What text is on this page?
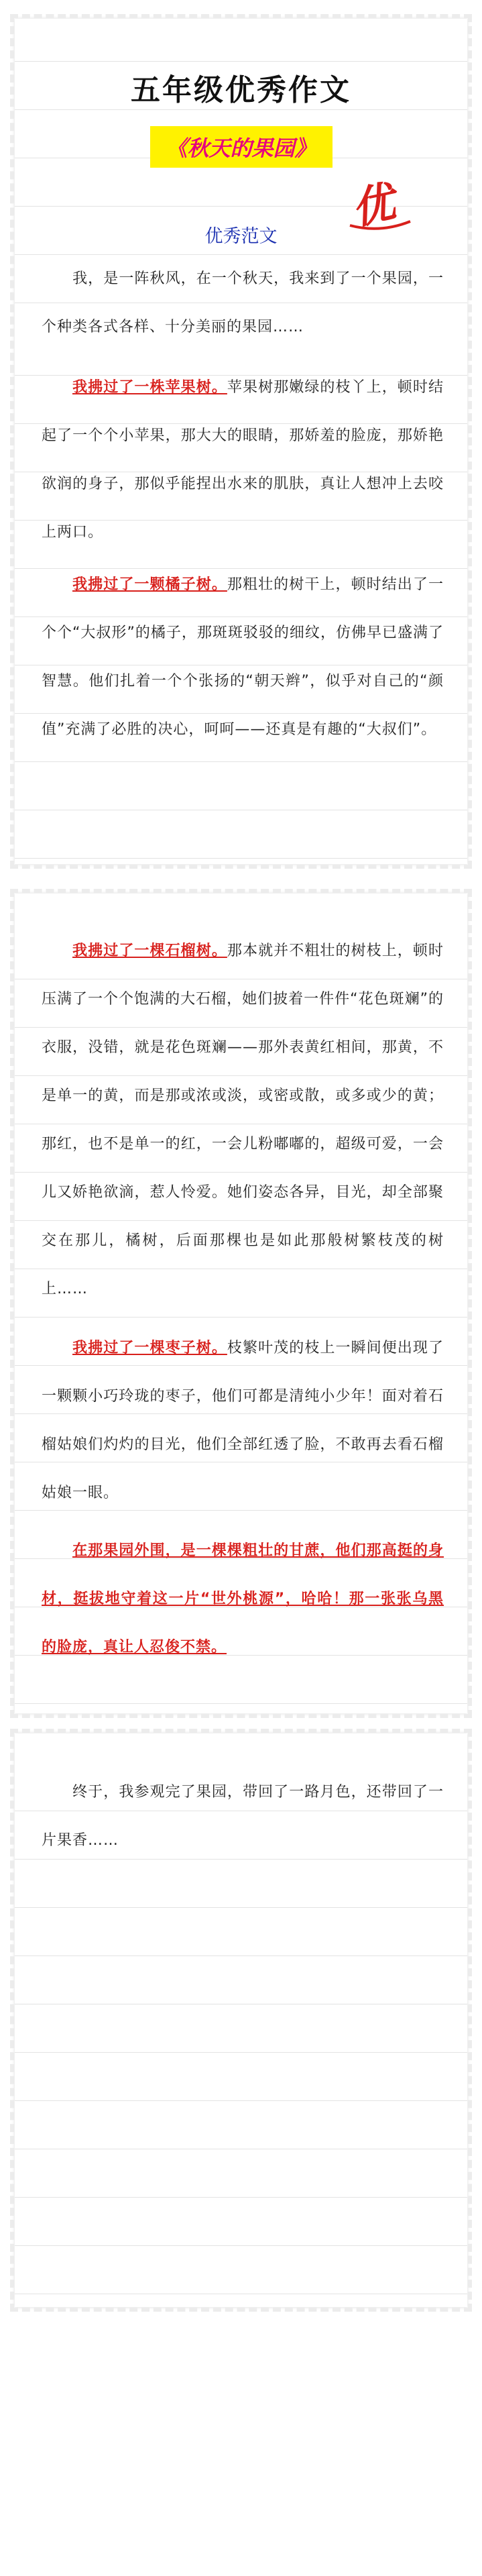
五年级优秀作文
《秋天的果园》
优
优秀范文

  我，是一阵秋风，在一个秋天，我来到了一个果园，一个种类各式各样、十分美丽的果园……

  我拂过了一株苹果树。苹果树那嫩绿的枝丫上，顿时结起了一个个小苹果，那大大的眼睛，那娇羞的脸庞，那娇艳欲润的身子，那似乎能捏出水来的肌肤，真让人想冲上去咬上两口。

  我拂过了一颗橘子树。那粗壮的树干上，顿时结出了一个个“大叔形”的橘子，那斑斑驳驳的细纹，仿佛早已盛满了智慧。他们扎着一个个张扬的“朝天辫”，似乎对自己的“颜值”充满了必胜的决心，呵呵——还真是有趣的“大叔们”。

  我拂过了一棵石榴树。那本就并不粗壮的树枝上，顿时压满了一个个饱满的大石榴，她们披着一件件“花色斑斓”的衣服，没错，就是花色斑斓——那外表黄红相间，那黄，不是单一的黄，而是那或浓或淡，或密或散，或多或少的黄；那红，也不是单一的红，一会儿粉嘟嘟的，超级可爱，一会儿又娇艳欲滴，惹人怜爱。她们姿态各异，目光，却全部聚交在那儿，橘树，后面那棵也是如此那般树繁枝茂的树上……

  我拂过了一棵枣子树。枝繁叶茂的枝上一瞬间便出现了一颗颗小巧玲珑的枣子，他们可都是清纯小少年！面对着石榴姑娘们灼灼的目光，他们全部红透了脸，不敢再去看石榴姑娘一眼。

  在那果园外围，是一棵棵粗壮的甘蔗，他们那高挺的身材，挺拔地守着这一片“世外桃源”，哈哈！那一张张乌黑的脸庞，真让人忍俊不禁。

  终于，我参观完了果园，带回了一路月色，还带回了一片果香……
